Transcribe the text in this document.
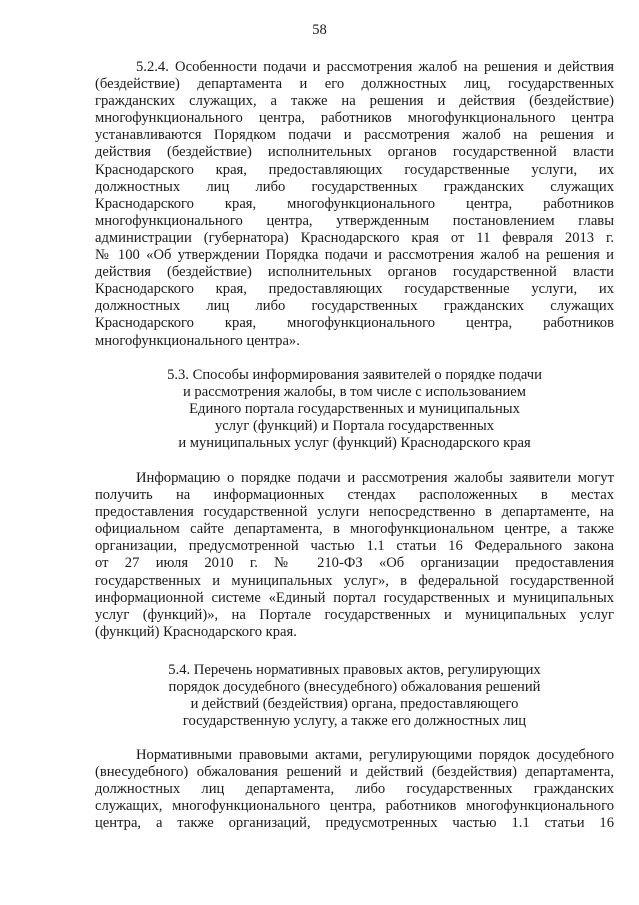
58
5.2.4. Особенности подачи и рассмотрения жалоб на решения и действия
(бездействие) департамента и его должностных лиц, государственных
гражданских служащих, а также на решения и действия (бездействие)
многофункционального центра, работников многофункционального центра
устанавливаются Порядком подачи и рассмотрения жалоб на решения и
действия (бездействие) исполнительных органов государственной власти
Краснодарского края, предоставляющих государственные услуги, их
должностных лиц либо государственных гражданских служащих
Краснодарского края, многофункционального центра, работников
многофункционального центра, утвержденным постановлением главы
администрации (губернатора) Краснодарского края от 11 февраля 2013 г.
№ 100 «Об утверждении Порядка подачи и рассмотрения жалоб на решения и
действия (бездействие) исполнительных органов государственной власти
Краснодарского края, предоставляющих государственные услуги, их
должностных лиц либо государственных гражданских служащих
Краснодарского края, многофункционального центра, работников
многофункционального центра».
5.3. Способы информирования заявителей о порядке подачи
и рассмотрения жалобы, в том числе с использованием
Единого портала государственных и муниципальных
услуг (функций) и Портала государственных
и муниципальных услуг (функций) Краснодарского края
Информацию о порядке подачи и рассмотрения жалобы заявители могут
получить на информационных стендах расположенных в местах
предоставления государственной услуги непосредственно в департаменте, на
официальном сайте департамента, в многофункциональном центре, а также
организации, предусмотренной частью 1.1 статьи 16 Федерального закона
от 27 июля 2010 г. № 210-ФЗ «Об организации предоставления
государственных и муниципальных услуг», в федеральной государственной
информационной системе «Единый портал государственных и муниципальных
услуг (функций)», на Портале государственных и муниципальных услуг
(функций) Краснодарского края.
5.4. Перечень нормативных правовых актов, регулирующих
порядок досудебного (внесудебного) обжалования решений
и действий (бездействия) органа, предоставляющего
государственную услугу, а также его должностных лиц
Нормативными правовыми актами, регулирующими порядок досудебного
(внесудебного) обжалования решений и действий (бездействия) департамента,
должностных лиц департамента, либо государственных гражданских
служащих, многофункционального центра, работников многофункционального
центра, а также организаций, предусмотренных частью 1.1 статьи 16
